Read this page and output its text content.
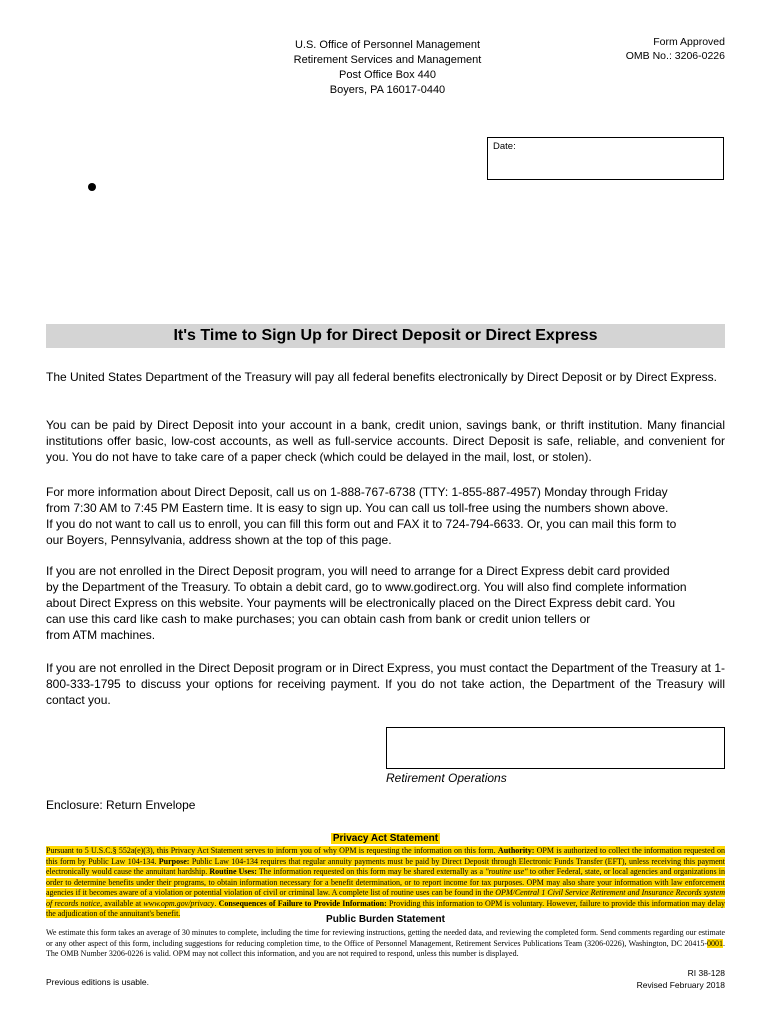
U.S. Office of Personnel Management
Retirement Services and Management
Post Office Box 440
Boyers, PA 16017-0440
Form Approved
OMB No.: 3206-0226
Date:
It's Time to Sign Up for Direct Deposit or Direct Express
The United States Department of the Treasury will pay all federal benefits electronically by Direct Deposit or by Direct Express.
You can be paid by Direct Deposit into your account in a bank, credit union, savings bank, or thrift institution. Many financial institutions offer basic, low-cost accounts, as well as full-service accounts. Direct Deposit is safe, reliable, and convenient for you. You do not have to take care of a paper check (which could be delayed in the mail, lost, or stolen).
For more information about Direct Deposit, call us on 1-888-767-6738 (TTY: 1-855-887-4957) Monday through Friday
from 7:30 AM to 7:45 PM Eastern time. It is easy to sign up. You can call us toll-free using the numbers shown above.
If you do not want to call us to enroll, you can fill this form out and FAX it to 724-794-6633. Or, you can mail this form to
our Boyers, Pennsylvania, address shown at the top of this page.
If you are not enrolled in the Direct Deposit program, you will need to arrange for a Direct Express debit card provided
by the Department of the Treasury. To obtain a debit card, go to www.godirect.org. You will also find complete information
about Direct Express on this website. Your payments will be electronically placed on the Direct Express debit card. You
can use this card like cash to make purchases; you can obtain cash from bank or credit union tellers or
from ATM machines.
If you are not enrolled in the Direct Deposit program or in Direct Express, you must contact the Department of the Treasury at 1-800-333-1795 to discuss your options for receiving payment. If you do not take action, the Department of the Treasury will contact you.
Retirement Operations
Enclosure: Return Envelope
Privacy Act Statement
Pursuant to 5 U.S.C.§ 552a(e)(3), this Privacy Act Statement serves to inform you of why OPM is requesting the information on this form. Authority: OPM is authorized to collect the information requested on this form by Public Law 104-134. Purpose: Public Law 104-134 requires that regular annuity payments must be paid by Direct Deposit through Electronic Funds Transfer (EFT), unless receiving this payment electronically would cause the annuitant hardship. Routine Uses: The information requested on this form may be shared externally as a "routine use" to other Federal, state, or local agencies and organizations in order to determine benefits under their programs, to obtain information necessary for a benefit determination, or to report income for tax purposes. OPM may also share your information with law enforcement agencies if it becomes aware of a violation or potential violation of civil or criminal law. A complete list of routine uses can be found in the OPM/Central 1 Civil Service Retirement and Insurance Records system of records notice, available at www.opm.gov/privacy. Consequences of Failure to Provide Information: Providing this information to OPM is voluntary. However, failure to provide this information may delay the adjudication of the annuitant's benefit.
Public Burden Statement
We estimate this form takes an average of 30 minutes to complete, including the time for reviewing instructions, getting the needed data, and reviewing the completed form. Send comments regarding our estimate or any other aspect of this form, including suggestions for reducing completion time, to the Office of Personnel Management, Retirement Services Publications Team (3206-0226), Washington, DC 20415-0001. The OMB Number 3206-0226 is valid. OPM may not collect this information, and you are not required to respond, unless this number is displayed.
Previous editions is usable.
RI 38-128
Revised February 2018
